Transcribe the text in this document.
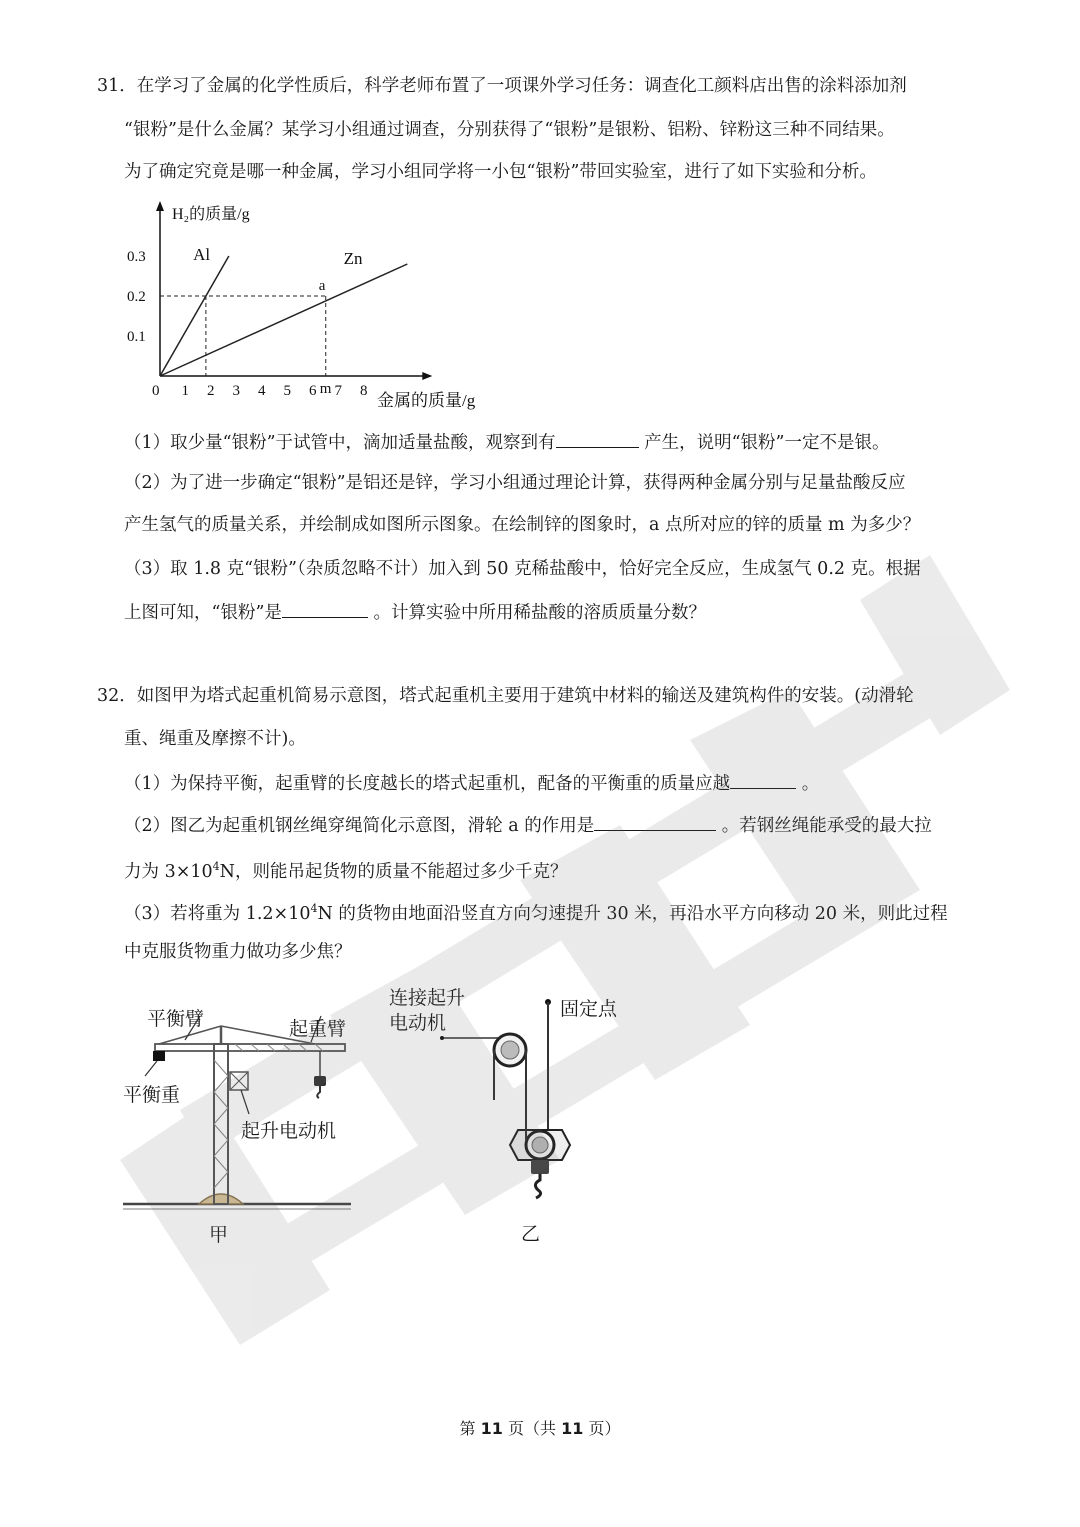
31．在学习了金属的化学性质后，科学老师布置了一项课外学习任务：调查化工颜料店出售的涂料添加剂
“银粉”是什么金属？某学习小组通过调查，分别获得了“银粉”是银粉、铝粉、锌粉这三种不同结果。
为了确定究竟是哪一种金属，学习小组同学将一小包“银粉”带回实验室，进行了如下实验和分析。
H₂的质量/g
金属的质量/g
0 1 2 3 4 5 6 7 8
0.1
0.2
0.3	Al	Zn
a
m
（1）取少量“银粉”于试管中，滴加适量盐酸，观察到有	产生，说明“银粉”一定不是银。
（2）为了进一步确定“银粉”是铝还是锌，学习小组通过理论计算，获得两种金属分别与足量盐酸反应
产生氢气的质量关系，并绘制成如图所示图象。在绘制锌的图象时，a 点所对应的锌的质量 m 为多少？
（3）取 1.8 克“银粉”（杂质忽略不计）加入到 50 克稀盐酸中，恰好完全反应，生成氢气 0.2 克。根据
上图可知，“银粉”是	。计算实验中所用稀盐酸的溶质质量分数？
32．如图甲为塔式起重机简易示意图，塔式起重机主要用于建筑中材料的输送及建筑构件的安装。(动滑轮
重、绳重及摩擦不计)。
（1）为保持平衡，起重臂的长度越长的塔式起重机，配备的平衡重的质量应越	。
（2）图乙为起重机钢丝绳穿绳简化示意图，滑轮 a 的作用是	。若钢丝绳能承受的最大拉
力为 $3\times 10^4N$，则能吊起货物的质量不能超过多少千克？
（3）若将重为 $1.2\times 10^4N$ 的货物由地面沿竖直方向匀速提升 30 米，再沿水平方向移动 20 米，则此过程
中克服货物重力做功多少焦？
平衡臂	起重臂
平衡重
起升电动机
甲
连接起升
电动机
固定点
乙
第 11 页（共 11 页）
